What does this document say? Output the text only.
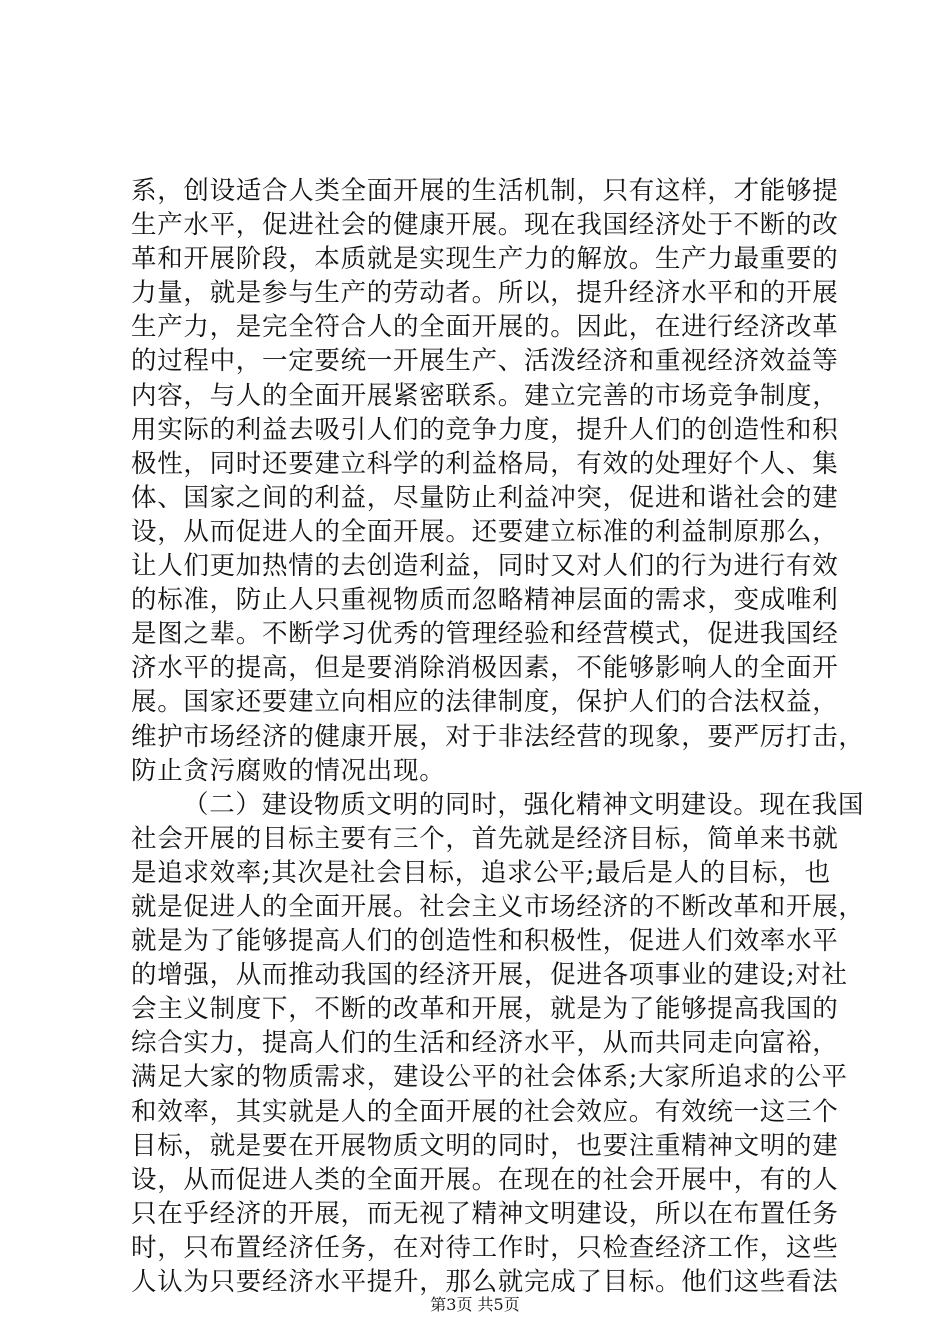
系，创设适合人类全面开展的生活机制，只有这样，才能够提
生产水平，促进社会的健康开展。现在我国经济处于不断的改
革和开展阶段，本质就是实现生产力的解放。生产力最重要的
力量，就是参与生产的劳动者。所以，提升经济水平和的开展
生产力，是完全符合人的全面开展的。因此，在进行经济改革
的过程中，一定要统一开展生产、活泼经济和重视经济效益等
内容，与人的全面开展紧密联系。建立完善的市场竞争制度，
用实际的利益去吸引人们的竞争力度，提升人们的创造性和积
极性，同时还要建立科学的利益格局，有效的处理好个人、集
体、国家之间的利益，尽量防止利益冲突，促进和谐社会的建
设，从而促进人的全面开展。还要建立标准的利益制原那么，
让人们更加热情的去创造利益，同时又对人们的行为进行有效
的标准，防止人只重视物质而忽略精神层面的需求，变成唯利
是图之辈。不断学习优秀的管理经验和经营模式，促进我国经
济水平的提高，但是要消除消极因素，不能够影响人的全面开
展。国家还要建立向相应的法律制度，保护人们的合法权益，
维护市场经济的健康开展，对于非法经营的现象，要严厉打击，
防止贪污腐败的情况出现。
（二）建设物质文明的同时，强化精神文明建设。现在我国
社会开展的目标主要有三个，首先就是经济目标，简单来书就
是追求效率;其次是社会目标，追求公平;最后是人的目标，也
就是促进人的全面开展。社会主义市场经济的不断改革和开展，
就是为了能够提高人们的创造性和积极性，促进人们效率水平
的增强，从而推动我国的经济开展，促进各项事业的建设;对社
会主义制度下，不断的改革和开展，就是为了能够提高我国的
综合实力，提高人们的生活和经济水平，从而共同走向富裕，
满足大家的物质需求，建设公平的社会体系;大家所追求的公平
和效率，其实就是人的全面开展的社会效应。有效统一这三个
目标，就是要在开展物质文明的同时，也要注重精神文明的建
设，从而促进人类的全面开展。在现在的社会开展中，有的人
只在乎经济的开展，而无视了精神文明建设，所以在布置任务
时，只布置经济任务，在对待工作时，只检查经济工作，这些
人认为只要经济水平提升，那么就完成了目标。他们这些看法
第3页 共5页
